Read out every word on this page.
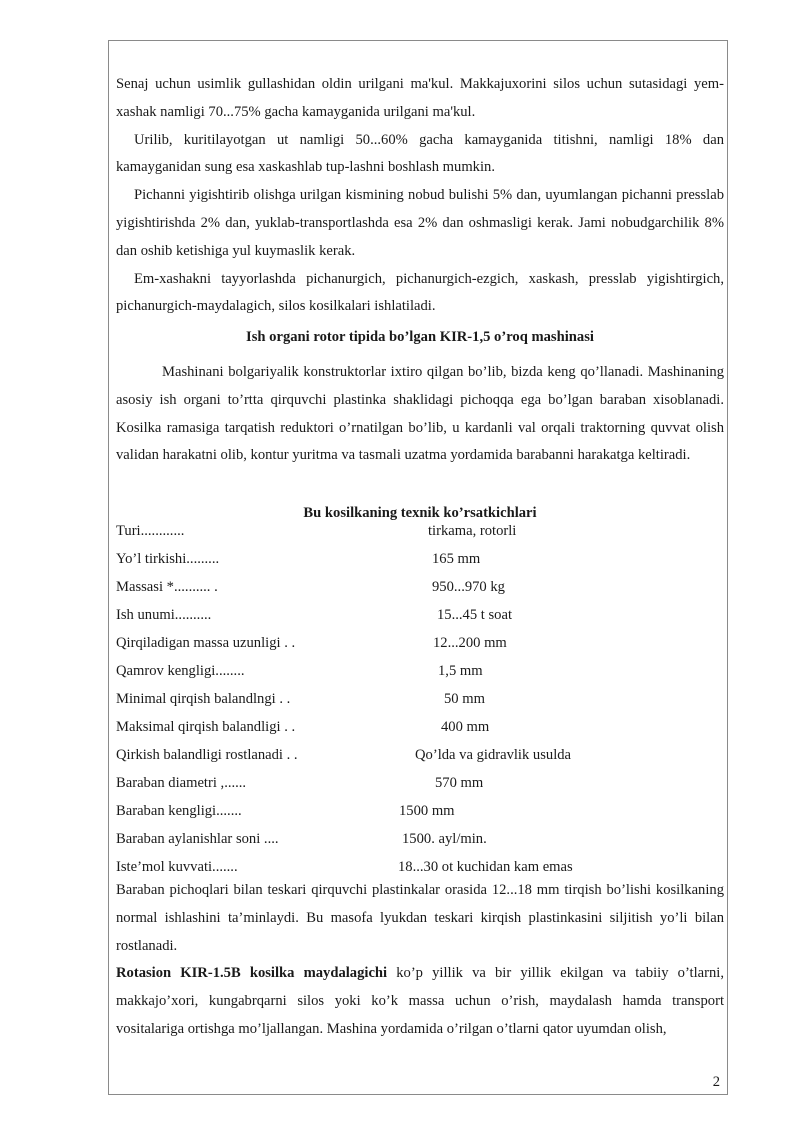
Senaj uchun usimlik gullashidan oldin urilgani ma'kul. Makkajuxorini silos uchun sutasidagi yem-xashak namligi 70...75% gacha kamayganida urilgani ma'kul.

Urilib, kuritilayotgan ut namligi 50...60% gacha kamayganida titishni, namligi 18% dan kamayganidan sung esa xaskashlab tup-lashni boshlash mumkin.

Pichanni yigishtirib olishga urilgan kismining nobud bulishi 5% dan, uyumlangan pichanni presslab yigishtirishda 2% dan, yuklab-transportlashda esa 2% dan oshmasligi kerak. Jami nobudgarchilik 8% dan oshib ketishiga yul kuymaslik kerak.

Em-xashakni tayyorlashda pichanurgich, pichanurgich-ezgich, xaskash, presslab yigishtirgich, pichanurgich-maydalagich, silos kosilkalari ishlatiladi.

Ish organi rotor tipida bo’lgan KIR-1,5 o’roq mashinasi

Mashinani bolgariyalik konstruktorlar ixtiro qilgan bo’lib, bizda keng qo’llanadi. Mashinaning asosiy ish organi to’rtta qirquvchi plastinka shaklidagi pichoqqa ega bo’lgan baraban xisoblanadi. Kosilka ramasiga tarqatish reduktori o’rnatilgan bo’lib, u kardanli val orqali traktorning quvvat olish validan harakatni olib, kontur yuritma va tasmali uzatma yordamida barabanni harakatga keltiradi.

Bu kosilkaning texnik ko’rsatkichlari
Turi............	tirkama, rotorli
Yo’l tirkishi.........	165 mm
Massasi *.......... .	950...970 kg
Ish unumi..........	15...45 t soat
Qirqiladigan massa uzunligi . .	12...200 mm
Qamrov kengligi........	1,5 mm
Minimal qirqish balandlngi . .	50 mm
Maksimal qirqish balandligi . .	400 mm
Qirkish balandligi rostlanadi . .	Qo’lda va gidravlik usulda
Baraban diametri ,......	570 mm
Baraban kengligi.......	1500 mm
Baraban aylanishlar soni ....	1500. ayl/min.
Iste’mol kuvvati.......	18...30 ot kuchidan kam emas

Baraban pichoqlari bilan teskari qirquvchi plastinkalar orasida 12...18 mm tirqish bo’lishi kosilkaning normal ishlashini ta’minlaydi. Bu masofa lyukdan teskari kirqish plastinkasini siljitish yo’li bilan rostlanadi.

Rotasion KIR-1.5B kosilka maydalagichi ko’p yillik va bir yillik ekilgan va tabiiy o’tlarni, makkajo’xori, kungabrqarni silos yoki ko’k massa uchun o’rish, maydalash hamda transport vositalariga ortishga mo’ljallangan. Mashina yordamida o’rilgan o’tlarni qator uyumdan olish,

2
